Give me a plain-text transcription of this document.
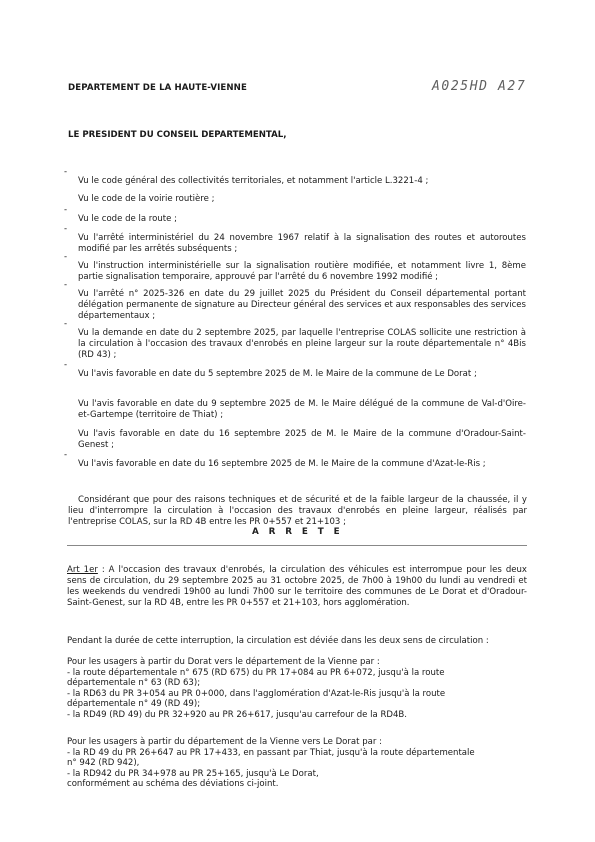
DEPARTEMENT DE LA HAUTE-VIENNE	A025HD A27

LE PRESIDENT DU CONSEIL DEPARTEMENTAL,

-

Vu le code général des collectivités territoriales, et notamment l'article L.3221-4 ;

Vu le code de la voirie routière ;

-

Vu le code de la route ;

-

Vu l'arrêté interministériel du 24 novembre 1967 relatif à la signalisation des routes et autoroutes modifié par les arrêtés subséquents ;

-

Vu l'instruction interministérielle sur la signalisation routière modifiée, et notamment livre 1, 8ème partie signalisation temporaire, approuvé par l'arrêté du 6 novembre 1992 modifié ;

-

Vu l'arrêté n° 2025-326 en date du 29 juillet 2025 du Président du Conseil départemental portant délégation permanente de signature au Directeur général des services et aux responsables des services départementaux ;

-

Vu la demande en date du 2 septembre 2025, par laquelle l'entreprise COLAS sollicite une restriction à la circulation à l'occasion des travaux d'enrobés en pleine largeur sur la route départementale n° 4Bis (RD 43) ;

-

Vu l'avis favorable en date du 5 septembre 2025 de M. le Maire de la commune de Le Dorat ;

Vu l'avis favorable en date du 9 septembre 2025 de M. le Maire délégué de la commune de Val-d'Oire-et-Gartempe (territoire de Thiat) ;

Vu l'avis favorable en date du 16 septembre 2025 de M. le Maire de la commune d'Oradour-Saint-Genest ;

-

Vu l'avis favorable en date du 16 septembre 2025 de M. le Maire de la commune d'Azat-le-Ris ;

Considérant que pour des raisons techniques et de sécurité et de la faible largeur de la chaussée, il y lieu d'interrompre la circulation à l'occasion des travaux d'enrobés en pleine largeur, réalisés par l'entreprise COLAS, sur la RD 4B entre les PR 0+557 et 21+103 ;

A R R E T E

Art 1er : A l'occasion des travaux d'enrobés, la circulation des véhicules est interrompue pour les deux sens de circulation, du 29 septembre 2025 au 31 octobre 2025, de 7h00 à 19h00 du lundi au vendredi et les weekends du vendredi 19h00 au lundi 7h00 sur le territoire des communes de Le Dorat et d'Oradour-Saint-Genest, sur la RD 4B, entre les PR 0+557 et 21+103, hors agglomération.

Pendant la durée de cette interruption, la circulation est déviée dans les deux sens de circulation :

Pour les usagers à partir du Dorat vers le département de la Vienne par :
- la route départementale n° 675 (RD 675) du PR 17+084 au PR 6+072, jusqu'à la route
départementale n° 63 (RD 63);
- la RD63 du PR 3+054 au PR 0+000, dans l'agglomération d'Azat-le-Ris jusqu'à la route
départementale n° 49 (RD 49);
- la RD49 (RD 49) du PR 32+920 au PR 26+617, jusqu'au carrefour de la RD4B.
Pour les usagers à partir du département de la Vienne vers Le Dorat par :
- la RD 49 du PR 26+647 au PR 17+433, en passant par Thiat, jusqu'à la route départementale
n° 942 (RD 942),
- la RD942 du PR 34+978 au PR 25+165, jusqu'à Le Dorat,
conformément au schéma des déviations ci-joint.
